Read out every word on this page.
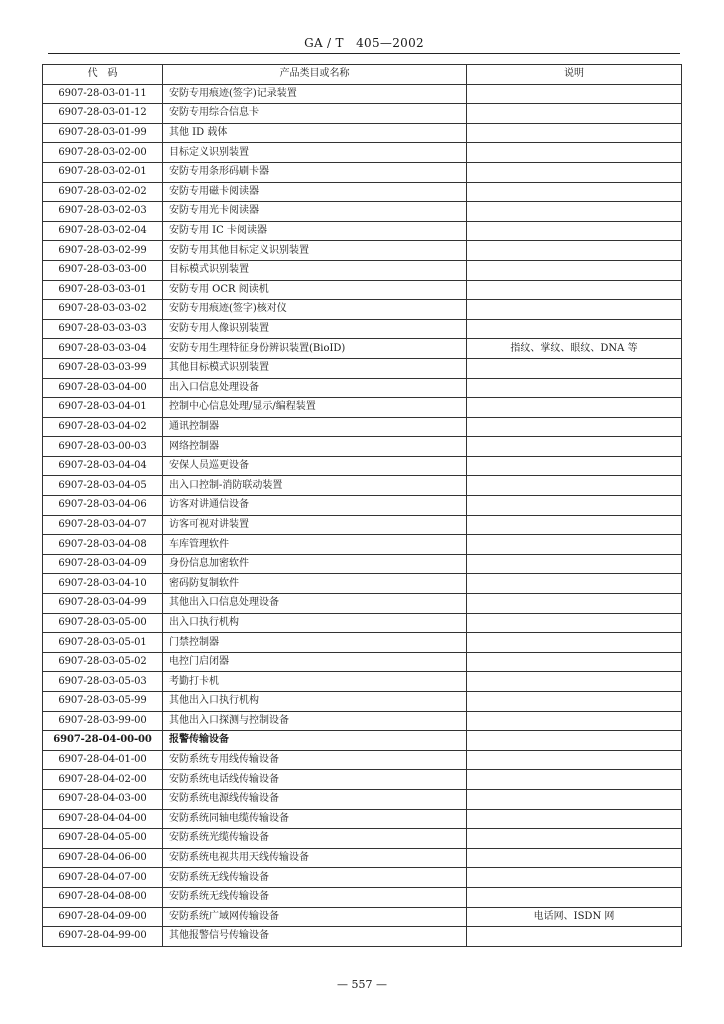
GA / T　405—2002
代　码	产品类目或名称	说明
6907-28-03-01-11	安防专用痕迹(签字)记录装置	
6907-28-03-01-12	安防专用综合信息卡	
6907-28-03-01-99	其他 ID 载体	
6907-28-03-02-00	目标定义识别装置	
6907-28-03-02-01	安防专用条形码刷卡器	
6907-28-03-02-02	安防专用磁卡阅读器	
6907-28-03-02-03	安防专用光卡阅读器	
6907-28-03-02-04	安防专用 IC 卡阅读器	
6907-28-03-02-99	安防专用其他目标定义识别装置	
6907-28-03-03-00	目标模式识别装置	
6907-28-03-03-01	安防专用 OCR 阅读机	
6907-28-03-03-02	安防专用痕迹(签字)核对仪	
6907-28-03-03-03	安防专用人像识别装置	
6907-28-03-03-04	安防专用生理特征身份辨识装置(BioID)	指纹、掌纹、眼纹、DNA 等
6907-28-03-03-99	其他目标模式识别装置	
6907-28-03-04-00	出入口信息处理设备	
6907-28-03-04-01	控制中心信息处理/显示/编程装置	
6907-28-03-04-02	通讯控制器	
6907-28-03-00-03	网络控制器	
6907-28-03-04-04	安保人员巡更设备	
6907-28-03-04-05	出入口控制-消防联动装置	
6907-28-03-04-06	访客对讲通信设备	
6907-28-03-04-07	访客可视对讲装置	
6907-28-03-04-08	车库管理软件	
6907-28-03-04-09	身份信息加密软件	
6907-28-03-04-10	密码防复制软件	
6907-28-03-04-99	其他出入口信息处理设备	
6907-28-03-05-00	出入口执行机构	
6907-28-03-05-01	门禁控制器	
6907-28-03-05-02	电控门启闭器	
6907-28-03-05-03	考勤打卡机	
6907-28-03-05-99	其他出入口执行机构	
6907-28-03-99-00	其他出入口探测与控制设备	
6907-28-04-00-00	报警传输设备	
6907-28-04-01-00	安防系统专用线传输设备	
6907-28-04-02-00	安防系统电话线传输设备	
6907-28-04-03-00	安防系统电源线传输设备	
6907-28-04-04-00	安防系统同轴电缆传输设备	
6907-28-04-05-00	安防系统光缆传输设备	
6907-28-04-06-00	安防系统电视共用天线传输设备	
6907-28-04-07-00	安防系统无线传输设备	
6907-28-04-08-00	安防系统无线传输设备	
6907-28-04-09-00	安防系统广域网传输设备	电话网、ISDN 网
6907-28-04-99-00	其他报警信号传输设备	
— 557 —
